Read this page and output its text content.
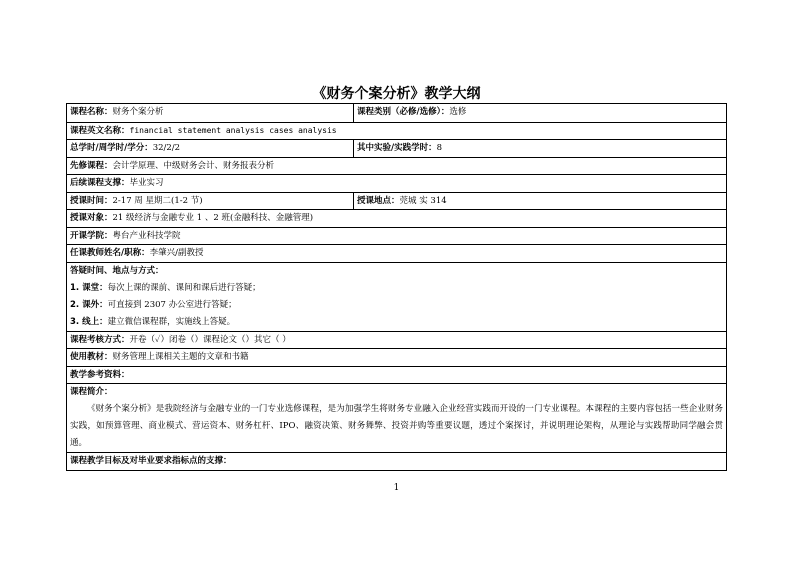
《财务个案分析》教学大纲
课程名称：财务个案分析	课程类别（必修/选修）：选修
课程英文名称：financial statement analysis cases analysis
总学时/周学时/学分：32/2/2	其中实验/实践学时：8
先修课程：会计学原理、中级财务会计、财务报表分析
后续课程支撑：毕业实习
授课时间：2-17 周 星期二(1-2 节)	授课地点：莞城 实 314
授课对象：21 级经济与金融专业 1 、2 班(金融科技、金融管理)
开课学院：粤台产业科技学院
任课教师姓名/职称：李肇兴/副教授
答疑时间、地点与方式：
1. 课堂：每次上课的课前、课间和课后进行答疑；
2. 课外：可直接到 2307 办公室进行答疑；
3. 线上：建立微信课程群，实施线上答疑。
课程考核方式：开卷（✓）闭卷（）课程论文（）其它（ ）
使用教材：财务管理上课相关主题的文章和书籍
教学参考资料：
课程简介：
《财务个案分析》是我院经济与金融专业的一门专业选修课程，是为加强学生将财务专业融入企业经营实践而开设的一门专业课程。本课程的主要内容包括一些企业财务实践，如预算管理、商业模式、营运资本、财务杠杆、IPO、融资决策、财务舞弊、投资并购等重要议题，透过个案探讨，并说明理论架构，从理论与实践帮助同学融会贯通。
课程教学目标及对毕业要求指标点的支撑：
1
